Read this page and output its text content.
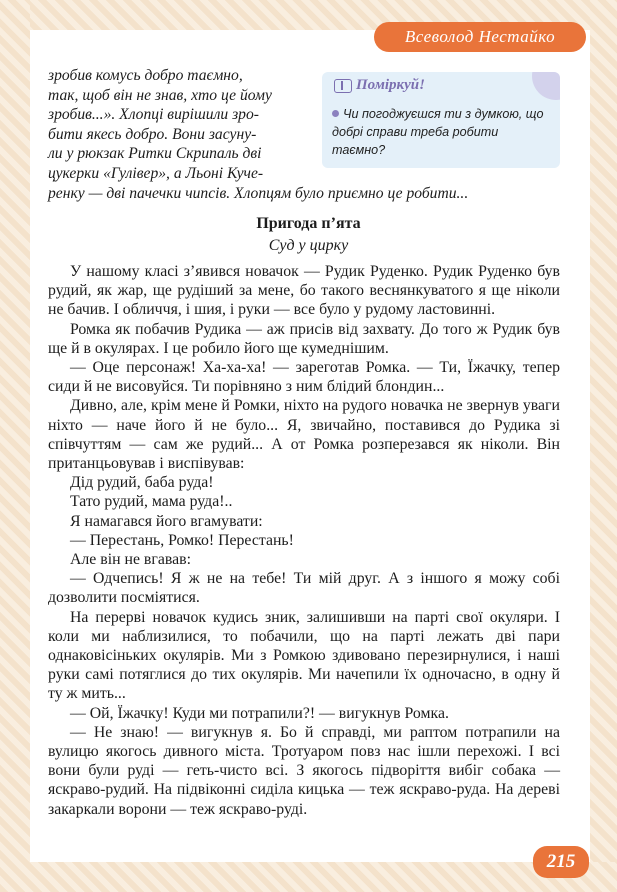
Всеволод Нестайко
зробив комусь добро таємно,
так, щоб він не знав, хто це йому
зробив...». Хлопці вирішили зро-
бити якесь добро. Вони засуну-
ли у рюкзак Ритки Скрипаль дві
цукерки «Гулівер», а Льоні Куче-
ренку — дві пачечки чипсів. Хлопцям було приємно це робити...
Поміркуй!
Чи погоджуєшся ти з думкою, що добрі справи треба робити таємно?
Пригода п’ята
Суд у цирку

У нашому класі з’явився новачок — Рудик Руденко. Рудик Руденко був рудий, як жар, ще рудіший за мене, бо такого веснянкуватого я ще ніколи не бачив. І обличчя, і шия, і руки — все було у рудому ластовинні.

Ромка як побачив Рудика — аж присів від захвату. До того ж Рудик був ще й в окулярах. І це робило його ще кумеднішим.

— Оце персонаж! Ха-ха-ха! — зареготав Ромка. — Ти, Їжачку, тепер сиди й не висовуйся. Ти порівняно з ним блідий блондин...

Дивно, але, крім мене й Ромки, ніхто на рудого новачка не звернув уваги ніхто — наче його й не було... Я, звичайно, поставився до Рудика зі співчуттям — сам же рудий... А от Ромка розперезався як ніколи. Він пританцьовував і виспівував:

Дід рудий, баба руда!

Тато рудий, мама руда!..

Я намагався його вгамувати:

— Перестань, Ромко! Перестань!

Але він не вгавав:

— Одчепись! Я ж не на тебе! Ти мій друг. А з іншого я можу собі дозволити посміятися.

На перерві новачок кудись зник, залишивши на парті свої окуляри. І коли ми наблизилися, то побачили, що на парті лежать дві пари однаковісіньких окулярів. Ми з Ромкою здивовано перезирнулися, і наші руки самі потяглися до тих окулярів. Ми начепили їх одночасно, в одну й ту ж мить...

— Ой, Їжачку! Куди ми потрапили?! — вигукнув Ромка.

— Не знаю! — вигукнув я. Бо й справді, ми раптом потрапили на вулицю якогось дивного міста. Тротуаром повз нас ішли перехожі. І всі вони були руді — геть-чисто всі. З якогось підворіття вибіг собака — яскраво-рудий. На підвіконні сиділа кицька — теж яскраво-руда. На дереві закаркали ворони — теж яскраво-руді.

215
